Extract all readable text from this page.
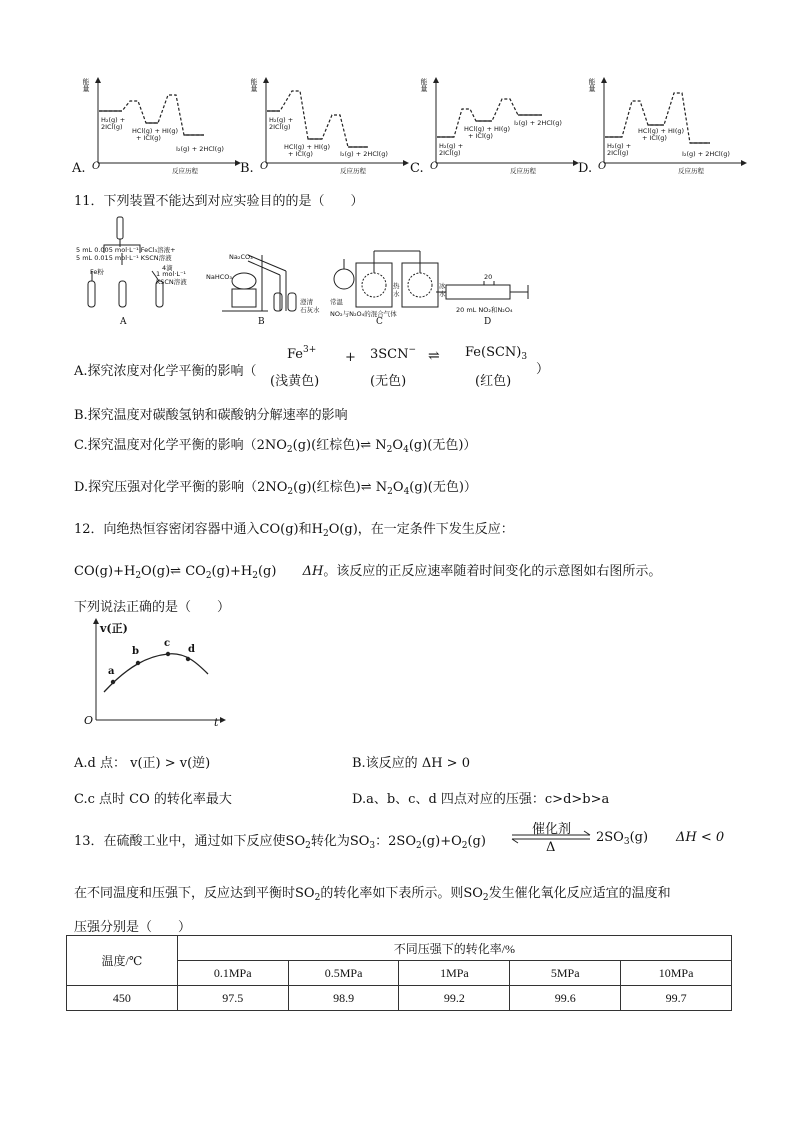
能量
H₂(g) +
2ICl(g) HCl(g) + HI(g)
+ ICl(g)
I₂(g) + 2HCl(g)
反应历程
O
A.
能量
H₂(g) +
2ICl(g)
HCl(g) + HI(g)
+ ICl(g)	I₂(g) + 2HCl(g)
反应历程
O
B.
能量
H₂(g) +
2ICl(g)
HCl(g) + HI(g)
+ ICl(g)
I₂(g) + 2HCl(g)
反应历程
O
C.
能量
H₂(g) +
2ICl(g)
HCl(g) + HI(g)
+ ICl(g)
I₂(g) + 2HCl(g)
反应历程
O
D.
11．下列装置不能达到对应实验目的的是（　　）
5 mL 0.005 mol·L⁻¹ FeCl₃溶液+
5 mL 0.015 mol·L⁻¹ KSCN溶液
Fe粉	4滴
1 mol·L⁻¹
KSCN溶液
A
Na₂CO₃
NaHCO₃
澄清
石灰水
B
常温
热
水
冰
水
NO₂与N₂O₄的混合气体
C
20
20 mL NO₂和N₂O₄
D
A.探究浓度对化学平衡的影响（
$Fe^{3+} + 3SCN^-$ ⇌ $Fe(SCN)_3$
(浅黄色)	(无色)	(红色)
）
B.探究温度对碳酸氢钠和碳酸钠分解速率的影响
C.探究温度对化学平衡的影响（$2NO_2(g)$(红棕色)⇌ $N_2O_4(g)$(无色)）
D.探究压强对化学平衡的影响（$2NO_2(g)$(红棕色)⇌ $N_2O_4(g)$(无色)）
12．向绝热恒容密闭容器中通入CO(g)和$H_2O(g)$，在一定条件下发生反应：
$CO(g)+H_2O(g)\rightleftharpoons$ $CO_2(g)+H_2(g)$ ΔH。该反应的正反应速率随着时间变化的示意图如右图所示。
下列说法正确的是（　　）
v(正)
t
O
a
b
c
d
A.d 点： v(正) > v(逆)	B.该反应的 ΔH > 0
C.c 点时 CO 的转化率最大	D.a、b、c、d 四点对应的压强：c>d>b>a
13．在硫酸工业中，通过如下反应使$SO_2$转化为$SO_3$：$2SO_2(g)+O_2(g)$
催化剂
Δ
$2SO_3(g) \Delta H < 0$
在不同温度和压强下，反应达到平衡时$SO_2$的转化率如下表所示。则$SO_2$发生催化氧化反应适宜的温度和
压强分别是（　　）
温度/℃	不同压强下的转化率/%				
	0.1MPa	0.5MPa	1MPa	5MPa	10MPa
450	97.5	98.9	99.2	99.6	99.7
